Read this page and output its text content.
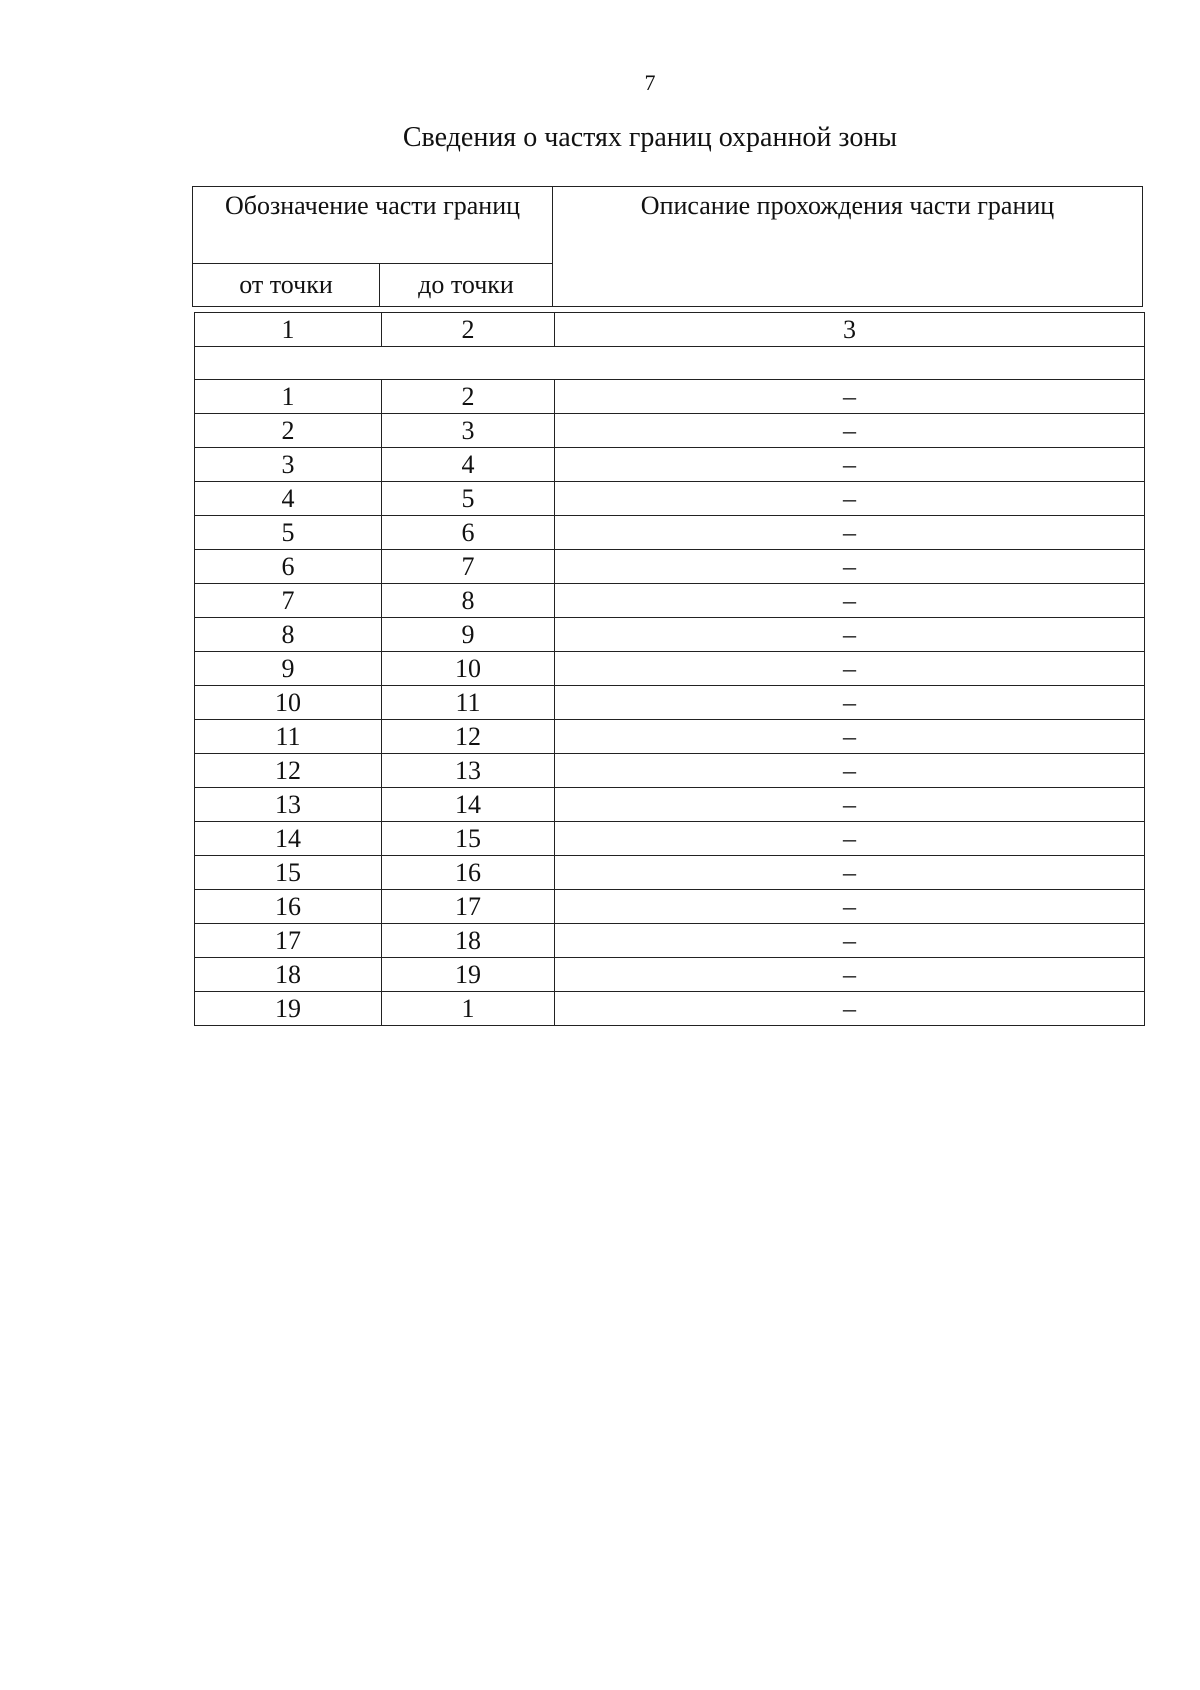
7
Сведения о частях границ охранной зоны
Обозначение части границ		Описание прохождения части границ
от точки	до точки	
1	2	3

1	2	–
2	3	–
3	4	–
4	5	–
5	6	–
6	7	–
7	8	–
8	9	–
9	10	–
10	11	–
11	12	–
12	13	–
13	14	–
14	15	–
15	16	–
16	17	–
17	18	–
18	19	–
19	1	–
